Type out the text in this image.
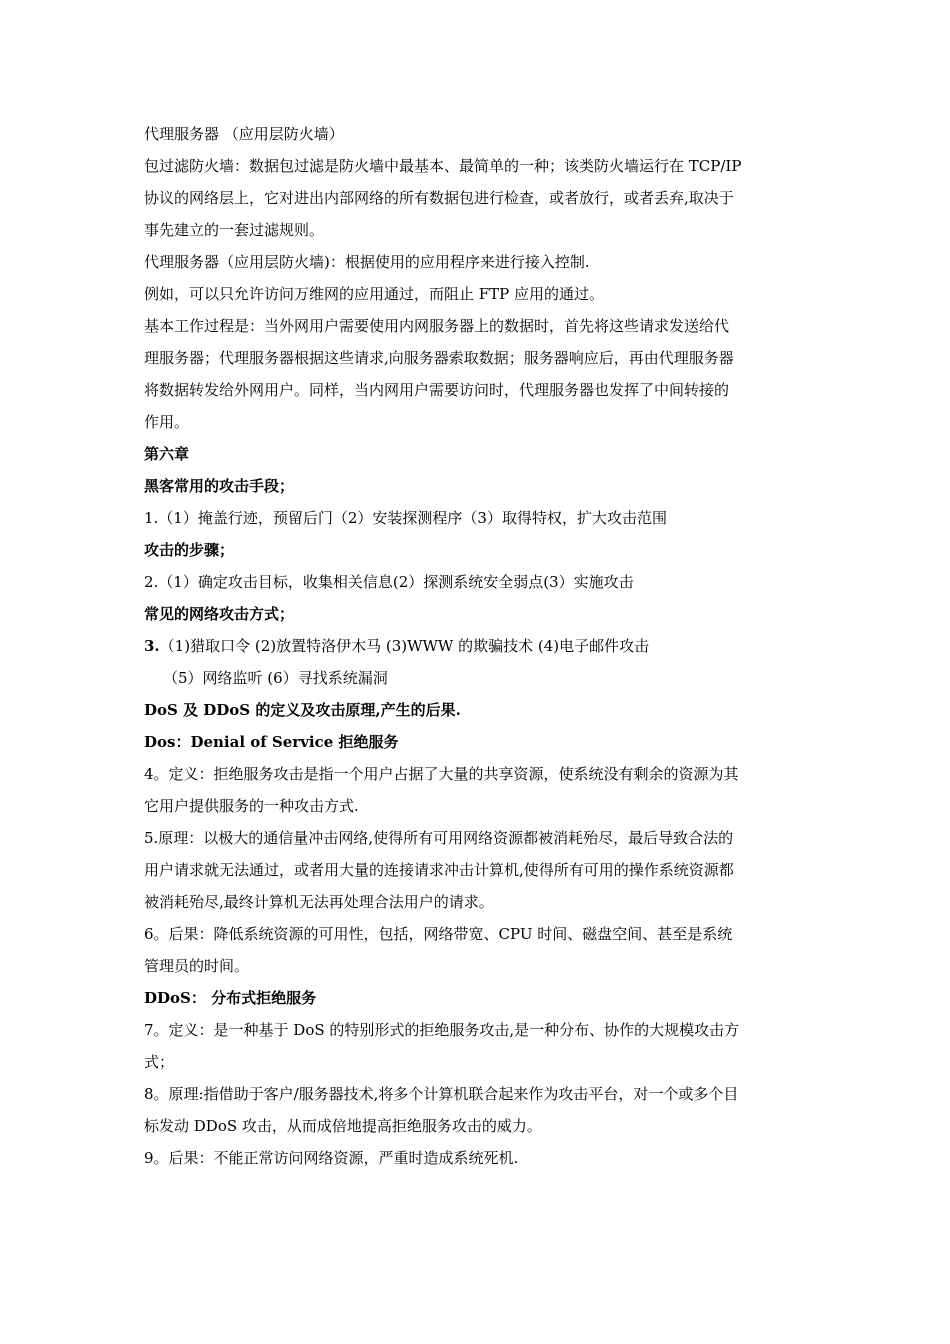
代理服务器 （应用层防火墙）
包过滤防火墙：数据包过滤是防火墙中最基本、最简单的一种；该类防火墙运行在 TCP/IP
协议的网络层上，它对进出内部网络的所有数据包进行检查，或者放行，或者丢弃,取决于
事先建立的一套过滤规则。
代理服务器（应用层防火墙)：根据使用的应用程序来进行接入控制.
例如，可以只允许访问万维网的应用通过，而阻止 FTP 应用的通过。
基本工作过程是：当外网用户需要使用内网服务器上的数据时，首先将这些请求发送给代
理服务器；代理服务器根据这些请求,向服务器索取数据；服务器响应后，再由代理服务器
将数据转发给外网用户。同样，当内网用户需要访问时，代理服务器也发挥了中间转接的
作用。
第六章
黑客常用的攻击手段；
1.（1）掩盖行迹，预留后门（2）安装探测程序（3）取得特权，扩大攻击范围
攻击的步骤；
2.（1）确定攻击目标，收集相关信息(2）探测系统安全弱点(3）实施攻击
常见的网络攻击方式；
3.（1)猎取口令 (2)放置特洛伊木马 (3)WWW 的欺骗技术 (4)电子邮件攻击
（5）网络监听 (6）寻找系统漏洞
DoS 及 DDoS 的定义及攻击原理,产生的后果.
Dos：Denial of Service 拒绝服务
4。定义：拒绝服务攻击是指一个用户占据了大量的共享资源，使系统没有剩余的资源为其
它用户提供服务的一种攻击方式.
5.原理：以极大的通信量冲击网络,使得所有可用网络资源都被消耗殆尽，最后导致合法的
用户请求就无法通过，或者用大量的连接请求冲击计算机,使得所有可用的操作系统资源都
被消耗殆尽,最终计算机无法再处理合法用户的请求。
6。后果：降低系统资源的可用性，包括，网络带宽、CPU 时间、磁盘空间、甚至是系统
管理员的时间。
DDoS： 分布式拒绝服务
7。定义：是一种基于 DoS 的特别形式的拒绝服务攻击,是一种分布、协作的大规模攻击方
式；
8。原理:指借助于客户/服务器技术,将多个计算机联合起来作为攻击平台，对一个或多个目
标发动 DDoS 攻击，从而成倍地提高拒绝服务攻击的威力。
9。后果：不能正常访问网络资源，严重时造成系统死机.
